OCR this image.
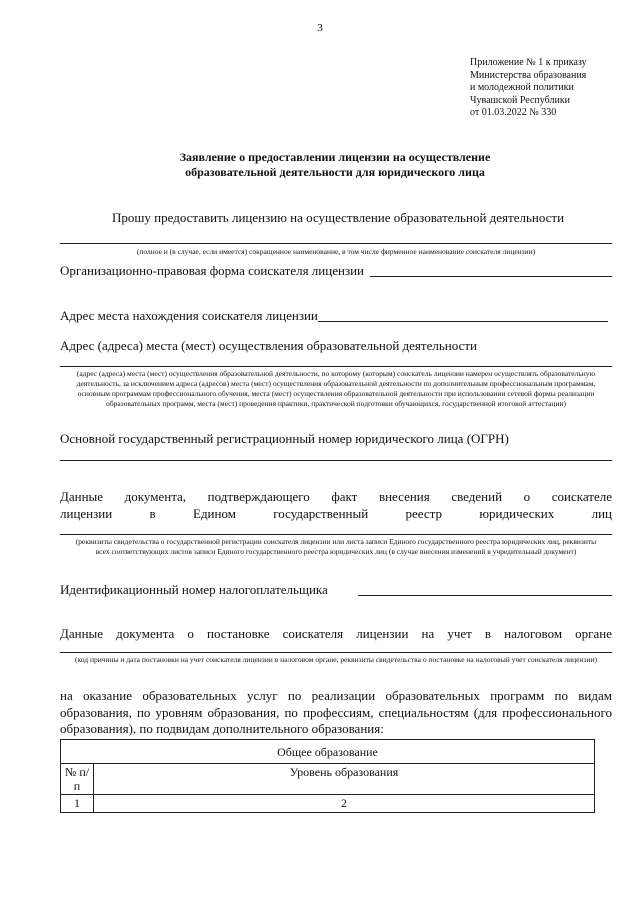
3
Приложение № 1 к приказу
Министерства образования
и молодежной политики
Чувашской Республики
от 01.03.2022 № 330
Заявление о предоставлении лицензии на осуществление
образовательной деятельности для юридического лица
Прошу предоставить лицензию на осуществление образовательной деятельности
(полное и (в случае, если имеется) сокращенное наименование, в том числе фирменное наименование соискателя лицензии)
Организационно-правовая форма соискателя лицензии
Адрес места нахождения соискателя лицензии
Адрес (адреса) места (мест) осуществления образовательной деятельности
(адрес (адреса) места (мест) осуществления образовательной деятельности, по которому (которым) соискатель лицензии намерен осуществлять образовательную деятельность, за исключением адреса (адресов) места (мест) осуществления образовательной деятельности по дополнительным профессиональным программам, основным программам профессионального обучения, места (мест) осуществления образовательной деятельности при использовании сетевой формы реализации образовательных программ, места (мест) проведения практики, практической подготовки обучающихся, государственной итоговой аттестации)
Основной государственный регистрационный номер юридического лица (ОГРН)
Данные документа, подтверждающего факт внесения сведений о соискателе
лицензии в Едином государственный реестр юридических лиц
(реквизиты свидетельства о государственной регистрации соискателя лицензии или листа записи Единого государственного реестра юридических лиц, реквизиты всех соответствующих листов записи Единого государственного реестра юридических лиц (в случае внесения изменений в учредительный документ)
Идентификационный номер налогоплательщика
Данные документа о постановке соискателя лицензии на учет в налоговом органе
(код причины и дата постановки на учет соискателя лицензии в налоговом органе, реквизиты свидетельства о постановке на налоговый учет соискателя лицензии)
на оказание образовательных услуг по реализации образовательных программ по видам образования, по уровням образования, по профессиям, специальностям (для профессионального образования), по подвидам дополнительного образования:
Общее образование	
№ п/п	Уровень образования
1	2
